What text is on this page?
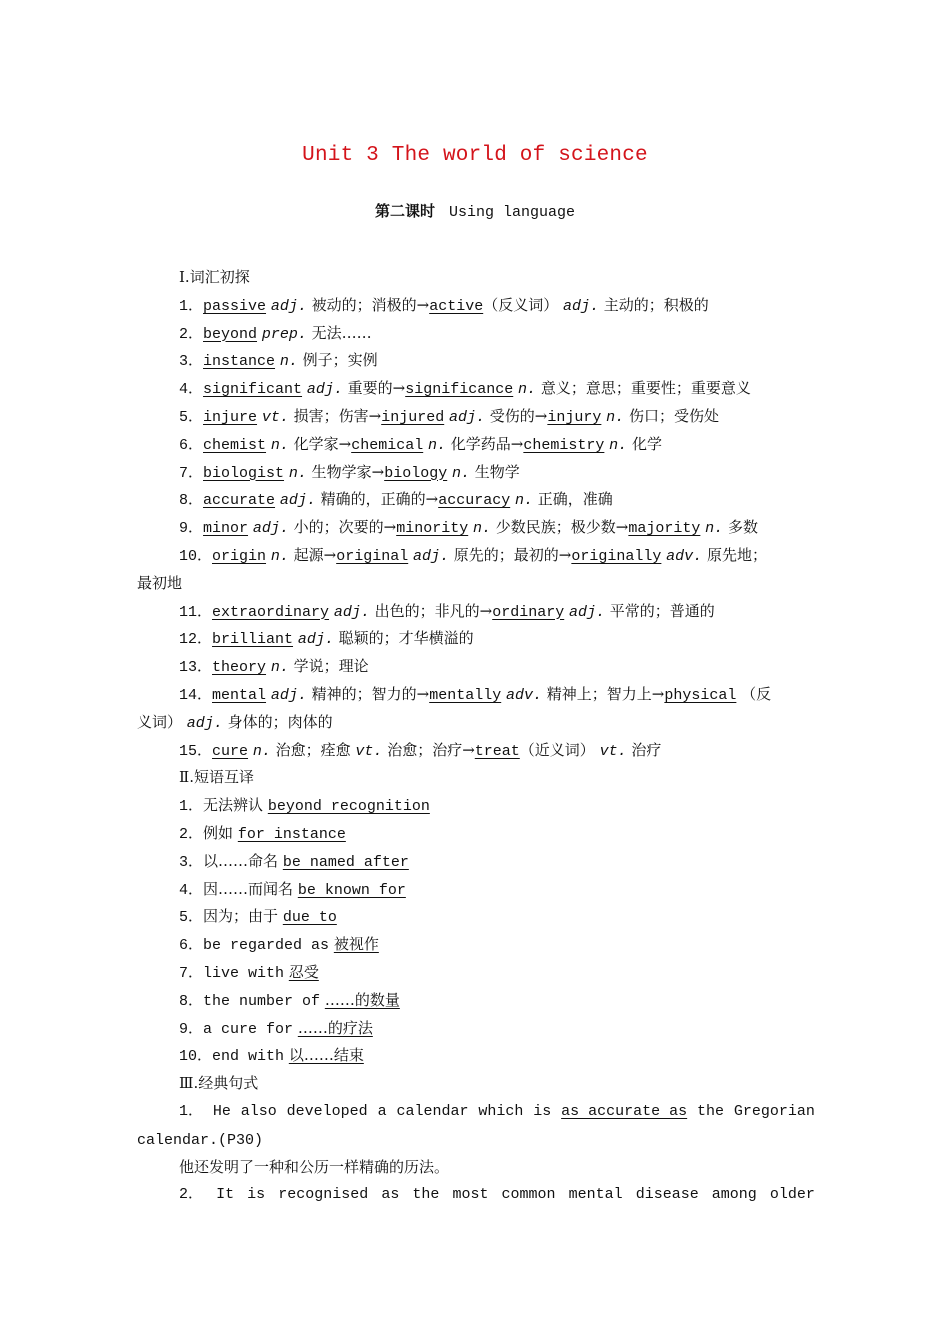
Unit 3 The world of science
第二课时 Using language
Ⅰ.词汇初探
1．passive adj. 被动的；消极的→active（反义词） adj. 主动的；积极的
2．beyond prep. 无法……
3．instance n. 例子；实例
4．significant adj. 重要的→significance n. 意义；意思；重要性；重要意义
5．injure vt. 损害；伤害→injured adj. 受伤的→injury n. 伤口；受伤处
6．chemist n. 化学家→chemical n. 化学药品→chemistry n. 化学
7．biologist n. 生物学家→biology n. 生物学
8．accurate adj. 精确的，正确的→accuracy n. 正确，准确
9．minor adj. 小的；次要的→minority n. 少数民族；极少数→majority n. 多数
10．origin n. 起源→original adj. 原先的；最初的→originally adv. 原先地；
最初地
11．extraordinary adj. 出色的；非凡的→ordinary adj. 平常的；普通的
12．brilliant adj. 聪颖的；才华横溢的
13．theory n. 学说；理论
14．mental adj. 精神的；智力的→mentally adv. 精神上；智力上→physical （反
义词） adj. 身体的；肉体的
15．cure n. 治愈；痊愈 vt. 治愈；治疗→treat（近义词） vt. 治疗
Ⅱ.短语互译
1．无法辨认 beyond recognition
2．例如 for instance
3．以……命名 be named after
4．因……而闻名 be known for
5．因为；由于 due to
6．be regarded as 被视作
7．live with 忍受
8．the number of ……的数量
9．a cure for ……的疗法
10．end with 以……结束
Ⅲ.经典句式
1． He also developed a calendar which is as accurate as the Gregorian
calendar.(P30)
他还发明了一种和公历一样精确的历法。
2． It is recognised as the most common mental disease among older
